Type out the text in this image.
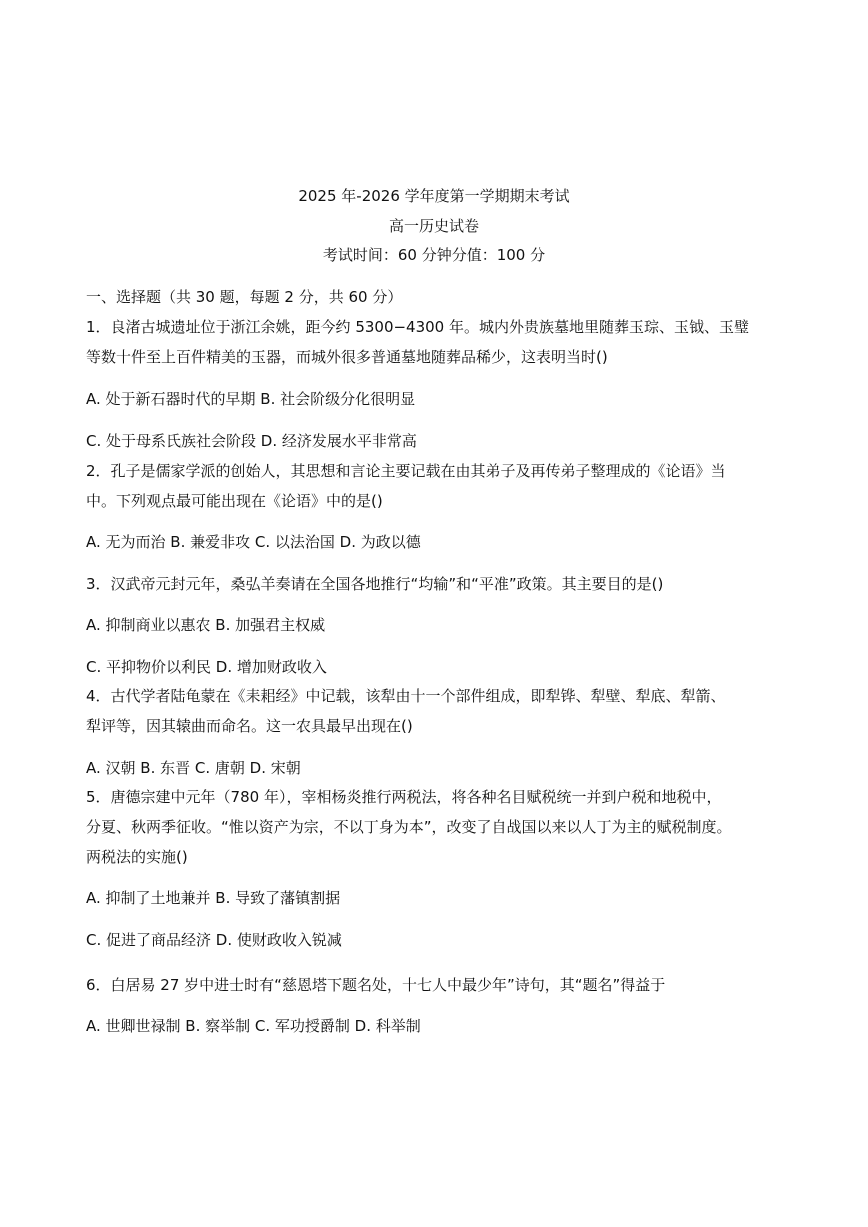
2025 年-2026 学年度第一学期期末考试
高一历史试卷
考试时间：60 分钟分值：100 分
一、选择题（共 30 题，每题 2 分，共 60 分）
1．良渚古城遗址位于浙江余姚，距今约 5300−4300 年。城内外贵族墓地里随葬玉琮、玉钺、玉璧
等数十件至上百件精美的玉器，而城外很多普通墓地随葬品稀少，这表明当时()
A. 处于新石器时代的早期 B. 社会阶级分化很明显
C. 处于母系氏族社会阶段 D. 经济发展水平非常高
2．孔子是儒家学派的创始人，其思想和言论主要记载在由其弟子及再传弟子整理成的《论语》当
中。下列观点最可能出现在《论语》中的是()
A. 无为而治 B. 兼爱非攻 C. 以法治国 D. 为政以德
3．汉武帝元封元年，桑弘羊奏请在全国各地推行“均输”和“平准”政策。其主要目的是()
A. 抑制商业以惠农 B. 加强君主权威
C. 平抑物价以利民 D. 增加财政收入
4．古代学者陆龟蒙在《耒耜经》中记载，该犁由十一个部件组成，即犁铧、犁壁、犁底、犁箭、
犁评等，因其辕曲而命名。这一农具最早出现在()
A. 汉朝 B. 东晋 C. 唐朝 D. 宋朝
5．唐德宗建中元年（780 年），宰相杨炎推行两税法，将各种名目赋税统一并到户税和地税中，
分夏、秋两季征收。“惟以资产为宗，不以丁身为本”，改变了自战国以来以人丁为主的赋税制度。
两税法的实施()
A. 抑制了土地兼并 B. 导致了藩镇割据
C. 促进了商品经济 D. 使财政收入锐减
6．白居易 27 岁中进士时有“慈恩塔下题名处，十七人中最少年”诗句，其“题名”得益于
A. 世卿世禄制 B. 察举制 C. 军功授爵制 D. 科举制
